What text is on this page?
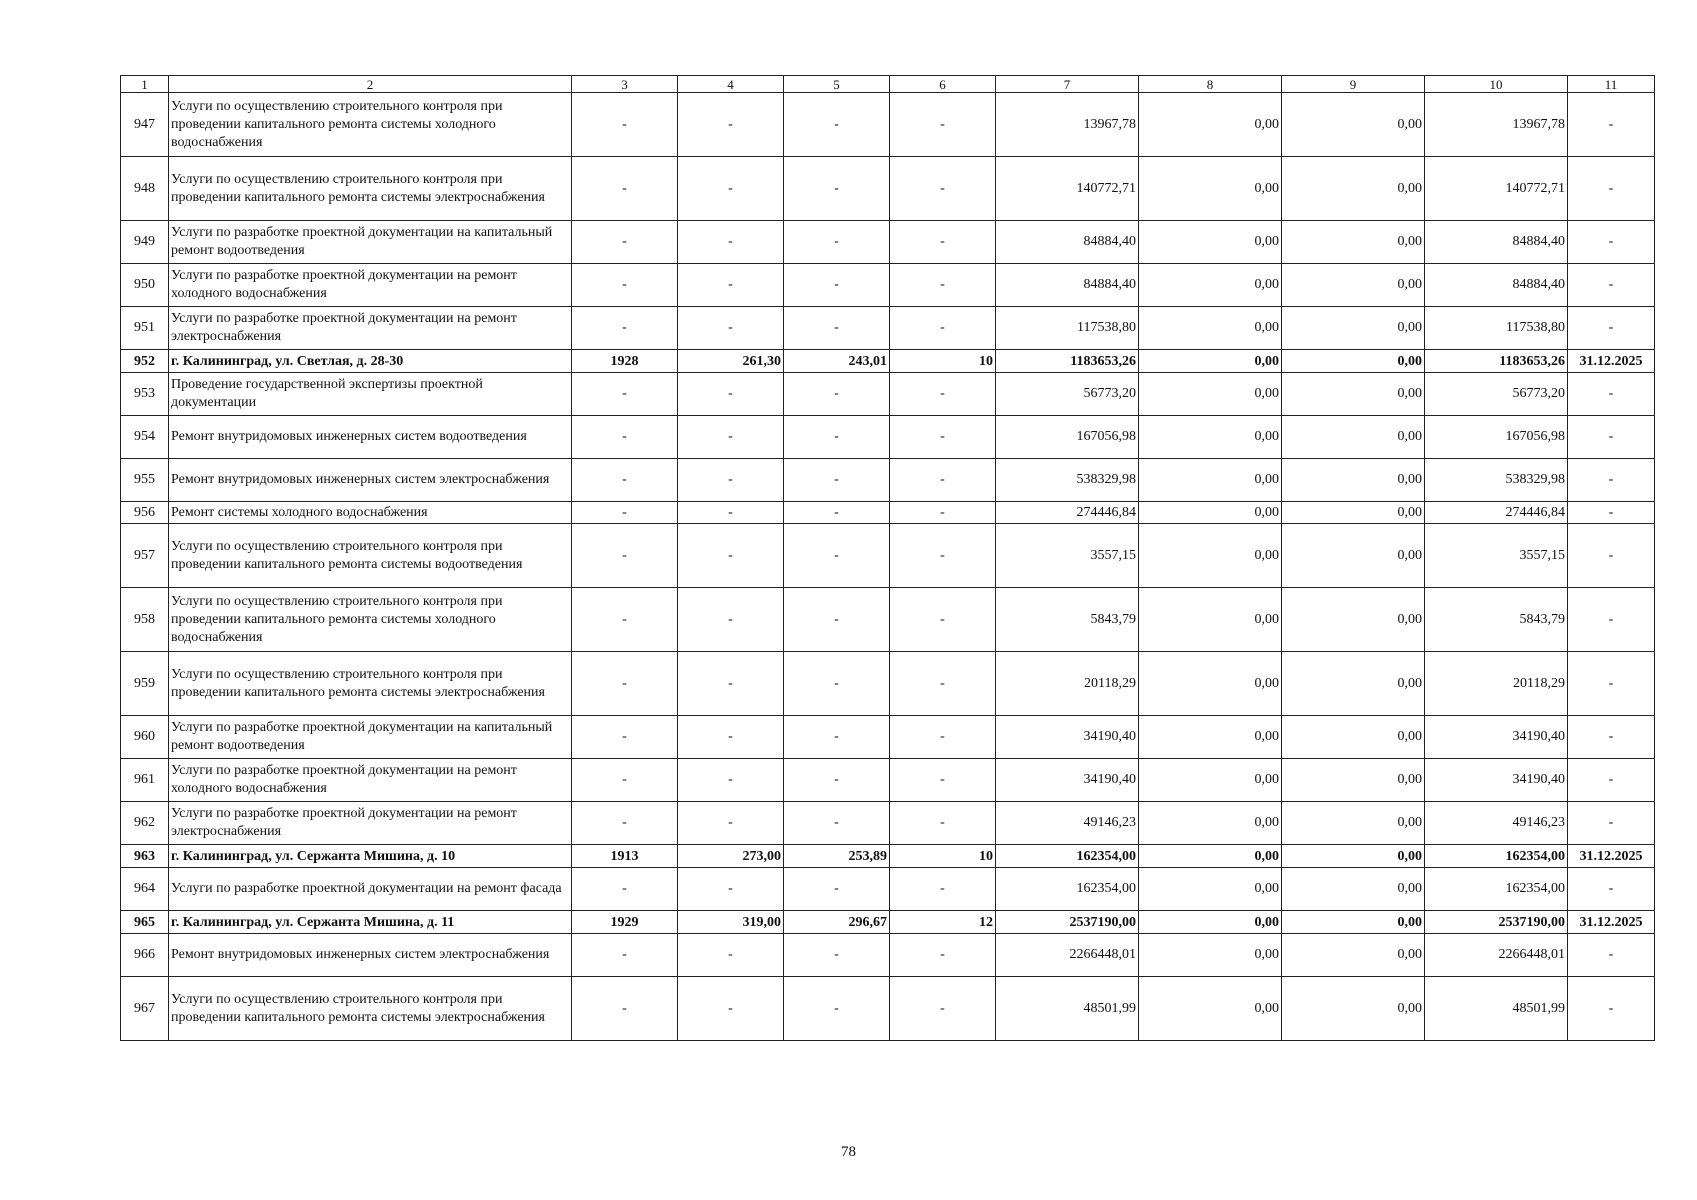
1	2	3	4	5	6	7	8	9	10	11
947	Услуги по осуществлению строительного контроля при проведении капитального ремонта системы холодного водоснабжения	-	-	-	-	13967,78	0,00	0,00	13967,78	-
948	Услуги по осуществлению строительного контроля при проведении капитального ремонта системы электроснабжения	-	-	-	-	140772,71	0,00	0,00	140772,71	-
949	Услуги по разработке проектной документации на капитальный ремонт водоотведения	-	-	-	-	84884,40	0,00	0,00	84884,40	-
950	Услуги по разработке проектной документации на ремонт холодного водоснабжения	-	-	-	-	84884,40	0,00	0,00	84884,40	-
951	Услуги по разработке проектной документации на ремонт электроснабжения	-	-	-	-	117538,80	0,00	0,00	117538,80	-
952	г. Калининград, ул. Светлая, д. 28-30	1928	261,30	243,01	10	1183653,26	0,00	0,00	1183653,26	31.12.2025
953	Проведение государственной экспертизы проектной документации	-	-	-	-	56773,20	0,00	0,00	56773,20	-
954	Ремонт внутридомовых инженерных систем водоотведения	-	-	-	-	167056,98	0,00	0,00	167056,98	-
955	Ремонт внутридомовых инженерных систем электроснабжения	-	-	-	-	538329,98	0,00	0,00	538329,98	-
956	Ремонт системы холодного водоснабжения	-	-	-	-	274446,84	0,00	0,00	274446,84	-
957	Услуги по осуществлению строительного контроля при проведении капитального ремонта системы водоотведения	-	-	-	-	3557,15	0,00	0,00	3557,15	-
958	Услуги по осуществлению строительного контроля при проведении капитального ремонта системы холодного водоснабжения	-	-	-	-	5843,79	0,00	0,00	5843,79	-
959	Услуги по осуществлению строительного контроля при проведении капитального ремонта системы электроснабжения	-	-	-	-	20118,29	0,00	0,00	20118,29	-
960	Услуги по разработке проектной документации на капитальный ремонт водоотведения	-	-	-	-	34190,40	0,00	0,00	34190,40	-
961	Услуги по разработке проектной документации на ремонт холодного водоснабжения	-	-	-	-	34190,40	0,00	0,00	34190,40	-
962	Услуги по разработке проектной документации на ремонт электроснабжения	-	-	-	-	49146,23	0,00	0,00	49146,23	-
963	г. Калининград, ул. Сержанта Мишина, д. 10	1913	273,00	253,89	10	162354,00	0,00	0,00	162354,00	31.12.2025
964	Услуги по разработке проектной документации на ремонт фасада	-	-	-	-	162354,00	0,00	0,00	162354,00	-
965	г. Калининград, ул. Сержанта Мишина, д. 11	1929	319,00	296,67	12	2537190,00	0,00	0,00	2537190,00	31.12.2025
966	Ремонт внутридомовых инженерных систем электроснабжения	-	-	-	-	2266448,01	0,00	0,00	2266448,01	-
967	Услуги по осуществлению строительного контроля при проведении капитального ремонта системы электроснабжения	-	-	-	-	48501,99	0,00	0,00	48501,99	-
78
